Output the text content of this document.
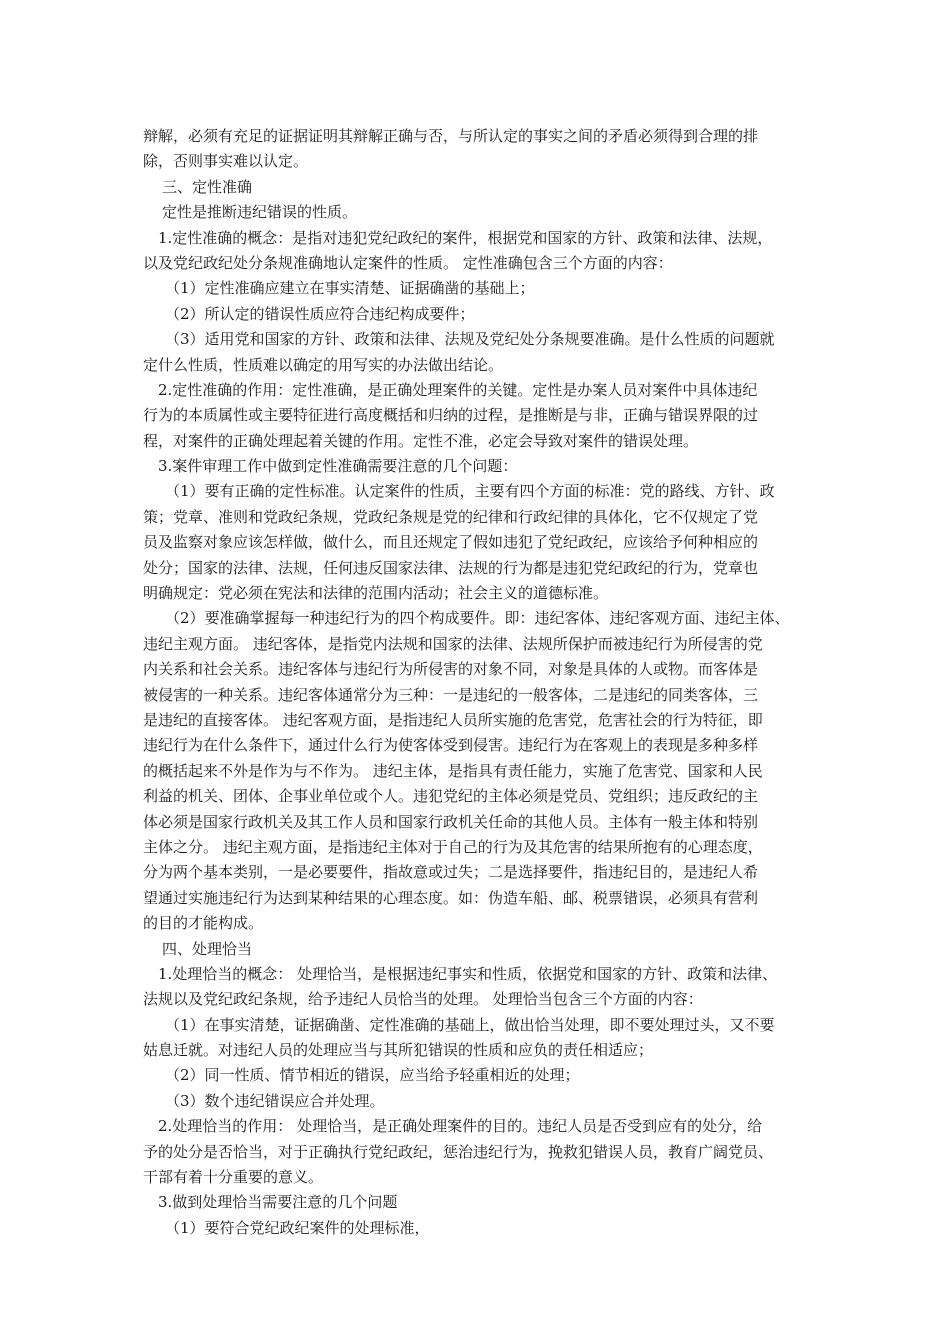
辩解，必须有充足的证据证明其辩解正确与否，与所认定的事实之间的矛盾必须得到合理的排
除，否则事实难以认定。
三、定性准确
定性是推断违纪错误的性质。
1.定性准确的概念：是指对违犯党纪政纪的案件，根据党和国家的方针、政策和法律、法规，
以及党纪政纪处分条规准确地认定案件的性质。 定性准确包含三个方面的内容：
（1）定性准确应建立在事实清楚、证据确凿的基础上；
（2）所认定的错误性质应符合违纪构成要件；
（3）适用党和国家的方针、政策和法律、法规及党纪处分条规要准确。是什么性质的问题就
定什么性质，性质难以确定的用写实的办法做出结论。
2.定性准确的作用：定性准确，是正确处理案件的关键。定性是办案人员对案件中具体违纪
行为的本质属性或主要特征进行高度概括和归纳的过程，是推断是与非，正确与错误界限的过
程，对案件的正确处理起着关键的作用。定性不准，必定会导致对案件的错误处理。
3.案件审理工作中做到定性准确需要注意的几个问题：
（1）要有正确的定性标准。认定案件的性质，主要有四个方面的标准：党的路线、方针、政
策；党章、准则和党政纪条规，党政纪条规是党的纪律和行政纪律的具体化，它不仅规定了党
员及监察对象应该怎样做，做什么，而且还规定了假如违犯了党纪政纪，应该给予何种相应的
处分；国家的法律、法规，任何违反国家法律、法规的行为都是违犯党纪政纪的行为，党章也
明确规定：党必须在宪法和法律的范围内活动；社会主义的道德标准。
（2）要准确掌握每一种违纪行为的四个构成要件。即：违纪客体、违纪客观方面、违纪主体、
违纪主观方面。 违纪客体，是指党内法规和国家的法律、法规所保护而被违纪行为所侵害的党
内关系和社会关系。违纪客体与违纪行为所侵害的对象不同，对象是具体的人或物。而客体是
被侵害的一种关系。违纪客体通常分为三种：一是违纪的一般客体，二是违纪的同类客体，三
是违纪的直接客体。 违纪客观方面，是指违纪人员所实施的危害党，危害社会的行为特征，即
违纪行为在什么条件下，通过什么行为使客体受到侵害。违纪行为在客观上的表现是多种多样
的概括起来不外是作为与不作为。 违纪主体，是指具有责任能力，实施了危害党、国家和人民
利益的机关、团体、企事业单位或个人。违犯党纪的主体必须是党员、党组织；违反政纪的主
体必须是国家行政机关及其工作人员和国家行政机关任命的其他人员。主体有一般主体和特别
主体之分。 违纪主观方面，是指违纪主体对于自己的行为及其危害的结果所抱有的心理态度，
分为两个基本类别，一是必要要件，指故意或过失；二是选择要件，指违纪目的，是违纪人希
望通过实施违纪行为达到某种结果的心理态度。如：伪造车船、邮、税票错误，必须具有营利
的目的才能构成。
四、处理恰当
1.处理恰当的概念： 处理恰当，是根据违纪事实和性质，依据党和国家的方针、政策和法律、
法规以及党纪政纪条规，给予违纪人员恰当的处理。 处理恰当包含三个方面的内容：
（1）在事实清楚，证据确凿、定性准确的基础上，做出恰当处理，即不要处理过头，又不要
姑息迁就。对违纪人员的处理应当与其所犯错误的性质和应负的责任相适应；
（2）同一性质、情节相近的错误，应当给予轻重相近的处理；
（3）数个违纪错误应合并处理。
2.处理恰当的作用： 处理恰当，是正确处理案件的目的。违纪人员是否受到应有的处分，给
予的处分是否恰当，对于正确执行党纪政纪，惩治违纪行为，挽救犯错误人员，教育广阔党员、
干部有着十分重要的意义。
3.做到处理恰当需要注意的几个问题
（1）要符合党纪政纪案件的处理标准，
